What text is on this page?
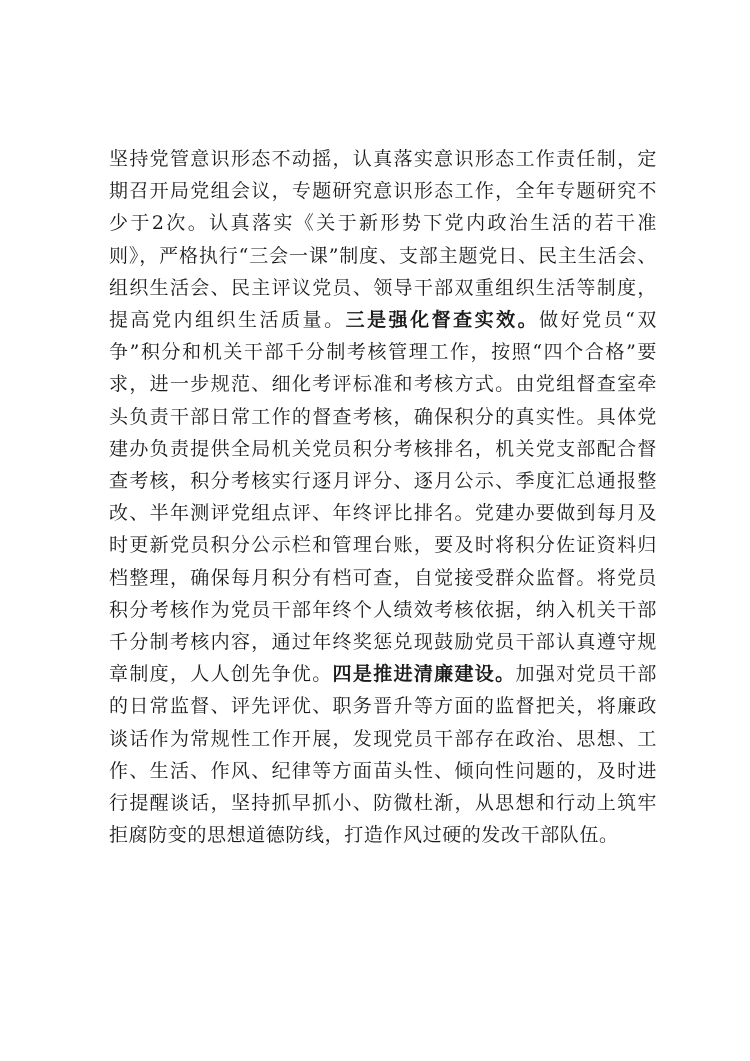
坚持党管意识形态不动摇，认真落实意识形态工作责任制，定期召开局党组会议，专题研究意识形态工作，全年专题研究不少于2次。认真落实《关于新形势下党内政治生活的若干准则》，严格执行“三会一课”制度、支部主题党日、民主生活会、组织生活会、民主评议党员、领导干部双重组织生活等制度，提高党内组织生活质量。三是强化督查实效。做好党员“双争”积分和机关干部千分制考核管理工作，按照“四个合格”要求，进一步规范、细化考评标准和考核方式。由党组督查室牵头负责干部日常工作的督查考核，确保积分的真实性。具体党建办负责提供全局机关党员积分考核排名，机关党支部配合督查考核，积分考核实行逐月评分、逐月公示、季度汇总通报整改、半年测评党组点评、年终评比排名。党建办要做到每月及时更新党员积分公示栏和管理台账，要及时将积分佐证资料归档整理，确保每月积分有档可查，自觉接受群众监督。将党员积分考核作为党员干部年终个人绩效考核依据，纳入机关干部千分制考核内容，通过年终奖惩兑现鼓励党员干部认真遵守规章制度，人人创先争优。四是推进清廉建设。加强对党员干部的日常监督、评先评优、职务晋升等方面的监督把关，将廉政谈话作为常规性工作开展，发现党员干部存在政治、思想、工作、生活、作风、纪律等方面苗头性、倾向性问题的，及时进行提醒谈话，坚持抓早抓小、防微杜渐，从思想和行动上筑牢拒腐防变的思想道德防线，打造作风过硬的发改干部队伍。
